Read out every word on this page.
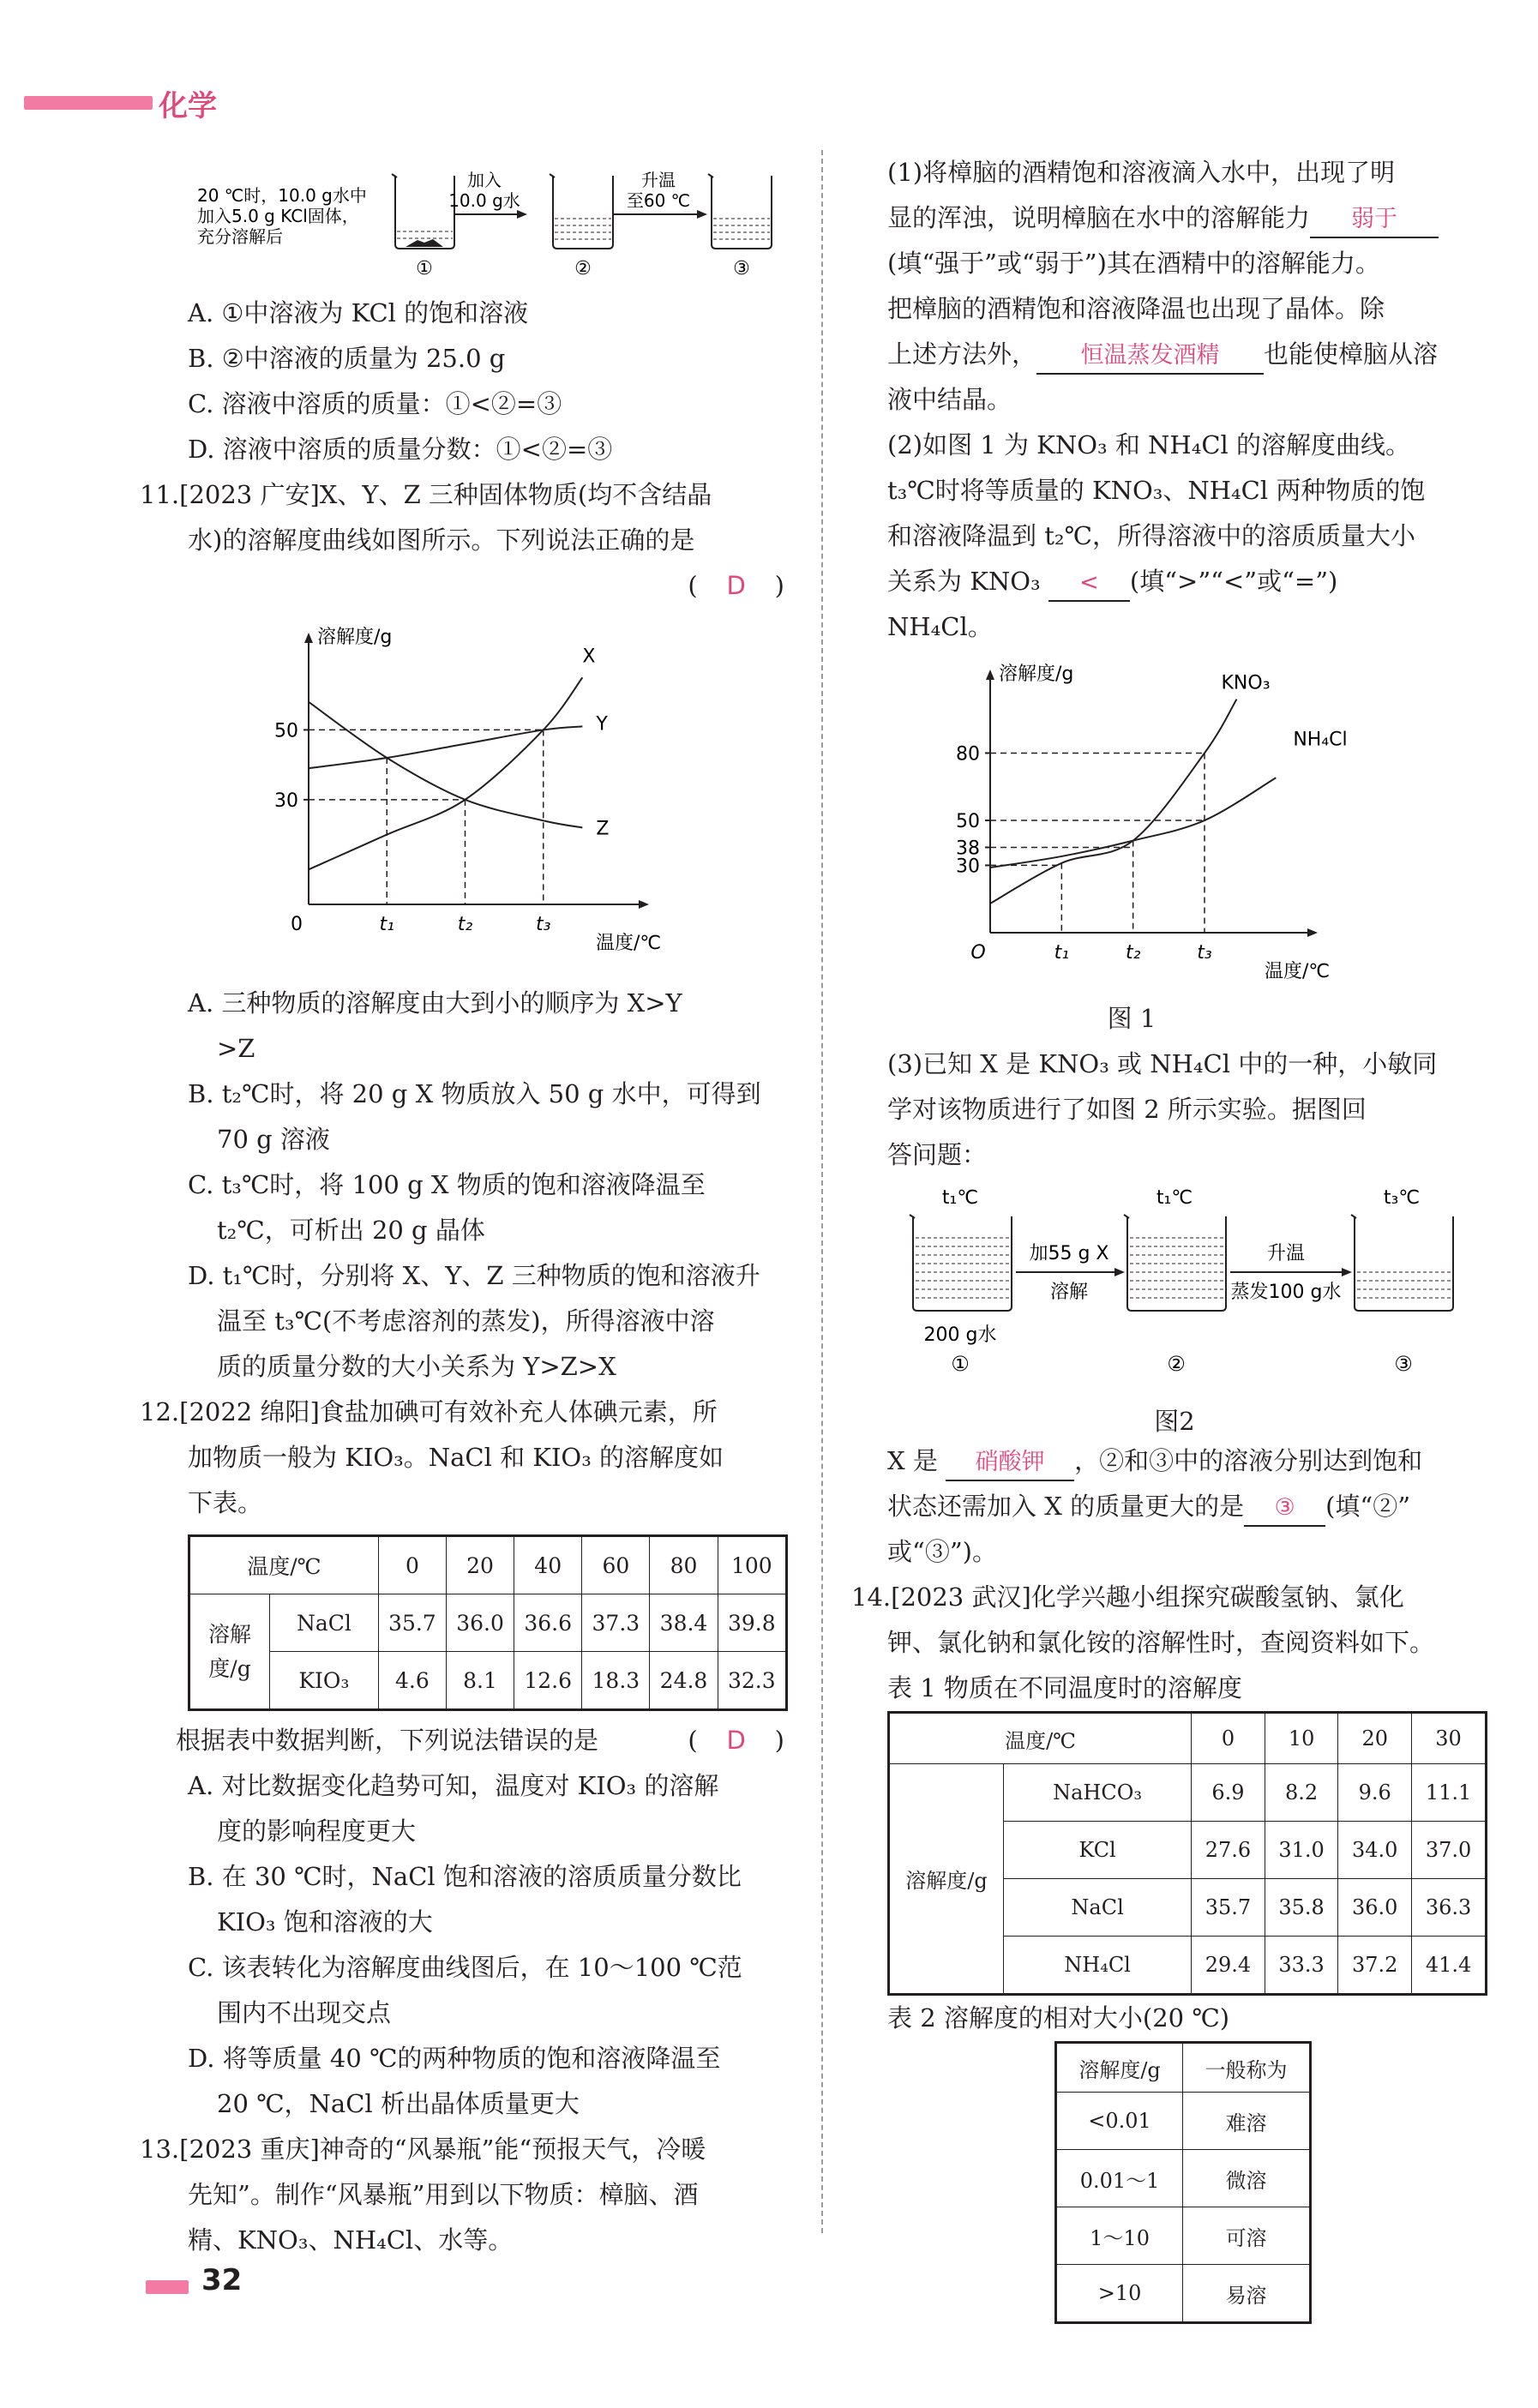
化学
20 ℃时，10.0 g水中
加入5.0 g KCl固体，
充分溶解后
加入
10.0 g水
升温
至60 ℃
①	②	③

A. ①中溶液为 KCl 的饱和溶液

B. ②中溶液的质量为 25.0 g

C. 溶液中溶质的质量：①<②=③

D. 溶液中溶质的质量分数：①<②=③

11.[2023 广安]X、Y、Z 三种固体物质(均不含结晶

水)的溶解度曲线如图所示。下列说法正确的是

( D )

溶解度/g
温度/℃
0
30
50
t₁	t₂	t₃
X
Y
Z

A. 三种物质的溶解度由大到小的顺序为 X>Y

>Z

B. t₂℃时，将 20 g X 物质放入 50 g 水中，可得到

70 g 溶液

C. t₃℃时，将 100 g X 物质的饱和溶液降温至

t₂℃，可析出 20 g 晶体

D. t₁℃时，分别将 X、Y、Z 三种物质的饱和溶液升

温至 t₃℃(不考虑溶剂的蒸发)，所得溶液中溶

质的质量分数的大小关系为 Y>Z>X

12.[2022 绵阳]食盐加碘可有效补充人体碘元素，所

加物质一般为 KIO₃。NaCl 和 KIO₃ 的溶解度如

下表。

温度/℃		0	20	40	60	80	100
溶解
度/g	NaCl	35.7	36.0	36.6	37.3	38.4	39.8
	KIO₃	4.6	8.1	12.6	18.3	24.8	32.3

根据表中数据判断，下列说法错误的是	( D )

A. 对比数据变化趋势可知，温度对 KIO₃ 的溶解

度的影响程度更大

B. 在 30 ℃时，NaCl 饱和溶液的溶质质量分数比

KIO₃ 饱和溶液的大

C. 该表转化为溶解度曲线图后，在 10～100 ℃范

围内不出现交点

D. 将等质量 40 ℃的两种物质的饱和溶液降温至

20 ℃，NaCl 析出晶体质量更大

13.[2023 重庆]神奇的“风暴瓶”能“预报天气，冷暖

先知”。制作“风暴瓶”用到以下物质：樟脑、酒

精、KNO₃、NH₄Cl、水等。

(1)将樟脑的酒精饱和溶液滴入水中，出现了明

显的浑浊，说明樟脑在水中的溶解能力 弱于

(填“强于”或“弱于”)其在酒精中的溶解能力。

把樟脑的酒精饱和溶液降温也出现了晶体。除

上述方法外， 恒温蒸发酒精 也能使樟脑从溶

液中结晶。

(2)如图 1 为 KNO₃ 和 NH₄Cl 的溶解度曲线。

t₃℃时将等质量的 KNO₃、NH₄Cl 两种物质的饱

和溶液降温到 t₂℃，所得溶液中的溶质质量大小

关系为 KNO₃ < (填“>”“<”或“=”)

NH₄Cl。

溶解度/g
温度/℃
O
30
38
50
80
t₁	t₂	t₃
KNO₃
NH₄Cl

图 1

(3)已知 X 是 KNO₃ 或 NH₄Cl 中的一种，小敏同

学对该物质进行了如图 2 所示实验。据图回

答问题：

t₁℃	t₁℃	t₃℃
加55 g X
溶解
升温
蒸发100 g水
200 g水
①	②	③

图2

X 是 硝酸钾 ，②和③中的溶液分别达到饱和

状态还需加入 X 的质量更大的是 ③ (填“②”

或“③”)。

14.[2023 武汉]化学兴趣小组探究碳酸氢钠、氯化

钾、氯化钠和氯化铵的溶解性时，查阅资料如下。

表 1 物质在不同温度时的溶解度

温度/℃		0	10	20	30
溶解度/g	NaHCO₃	6.9	8.2	9.6	11.1
	KCl	27.6	31.0	34.0	37.0
	NaCl	35.7	35.8	36.0	36.3
	NH₄Cl	29.4	33.3	37.2	41.4

表 2 溶解度的相对大小(20 ℃)

溶解度/g	一般称为
<0.01	难溶
0.01～1	微溶
1～10	可溶
>10	易溶
32
